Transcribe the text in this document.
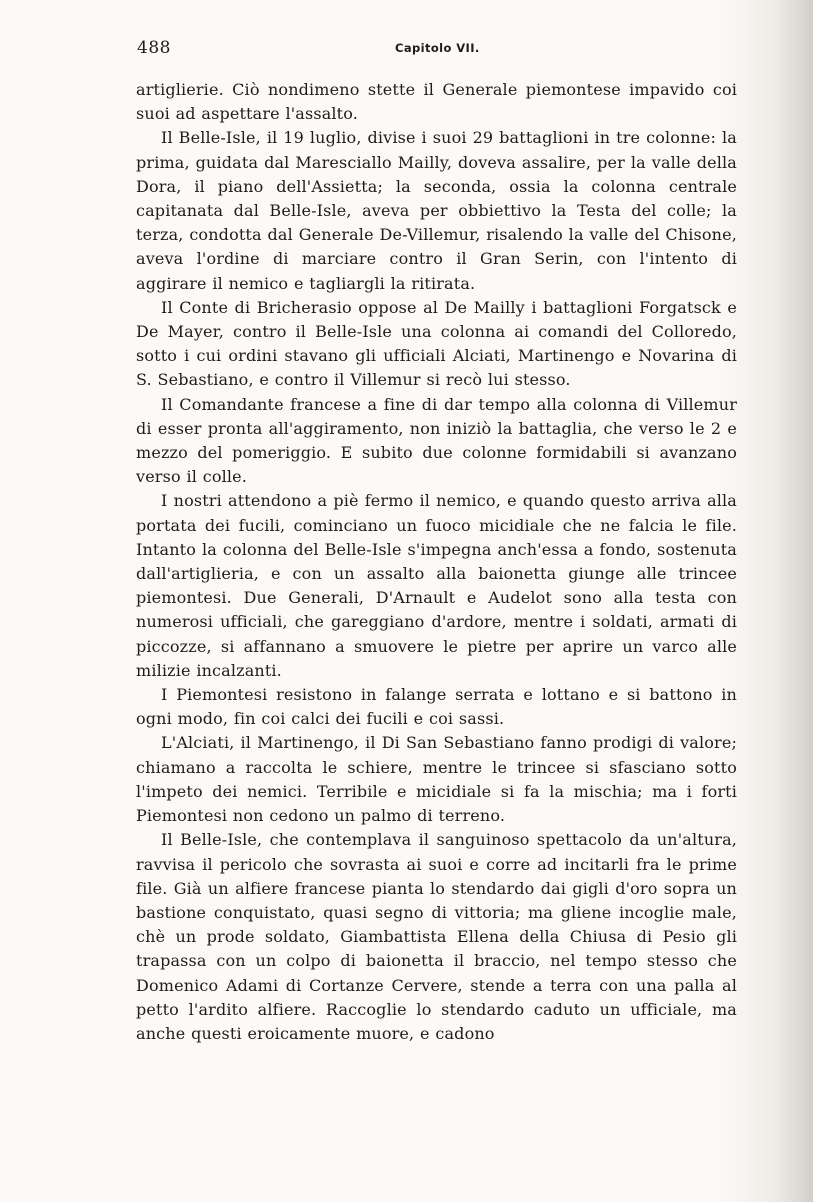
488	Capitolo VII.

artiglierie. Ciò nondimeno stette il Generale piemontese impavido coi suoi ad aspettare l'assalto.

Il Belle-Isle, il 19 luglio, divise i suoi 29 battaglioni in tre colonne: la prima, guidata dal Maresciallo Mailly, doveva assalire, per la valle della Dora, il piano dell'Assietta; la seconda, ossia la colonna centrale capitanata dal Belle-Isle, aveva per obbiettivo la Testa del colle; la terza, condotta dal Generale De-Villemur, risalendo la valle del Chisone, aveva l'ordine di marciare contro il Gran Serin, con l'intento di aggirare il nemico e tagliargli la ritirata.

Il Conte di Bricherasio oppose al De Mailly i battaglioni Forgatsck e De Mayer, contro il Belle-Isle una colonna ai comandi del Colloredo, sotto i cui ordini stavano gli ufficiali Alciati, Martinengo e Novarina di S. Sebastiano, e contro il Villemur si recò lui stesso.

Il Comandante francese a fine di dar tempo alla colonna di Villemur di esser pronta all'aggiramento, non iniziò la battaglia, che verso le 2 e mezzo del pomeriggio. E subito due colonne formidabili si avanzano verso il colle.

I nostri attendono a piè fermo il nemico, e quando questo arriva alla portata dei fucili, cominciano un fuoco micidiale che ne falcia le file. Intanto la colonna del Belle-Isle s'impegna anch'essa a fondo, sostenuta dall'artiglieria, e con un assalto alla baionetta giunge alle trincee piemontesi. Due Generali, D'Arnault e Audelot sono alla testa con numerosi ufficiali, che gareggiano d'ardore, mentre i soldati, armati di piccozze, si affannano a smuovere le pietre per aprire un varco alle milizie incalzanti.

I Piemontesi resistono in falange serrata e lottano e si battono in ogni modo, fin coi calci dei fucili e coi sassi.

L'Alciati, il Martinengo, il Di San Sebastiano fanno prodigi di valore; chiamano a raccolta le schiere, mentre le trincee si sfasciano sotto l'impeto dei nemici. Terribile e micidiale si fa la mischia; ma i forti Piemontesi non cedono un palmo di terreno.

Il Belle-Isle, che contemplava il sanguinoso spettacolo da un'altura, ravvisa il pericolo che sovrasta ai suoi e corre ad incitarli fra le prime file. Già un alfiere francese pianta lo stendardo dai gigli d'oro sopra un bastione conquistato, quasi segno di vittoria; ma gliene incoglie male, chè un prode soldato, Giambattista Ellena della Chiusa di Pesio gli trapassa con un colpo di baionetta il braccio, nel tempo stesso che Domenico Adami di Cortanze Cervere, stende a terra con una palla al petto l'ardito alfiere. Raccoglie lo stendardo caduto un ufficiale, ma anche questi eroicamente muore, e cadono
